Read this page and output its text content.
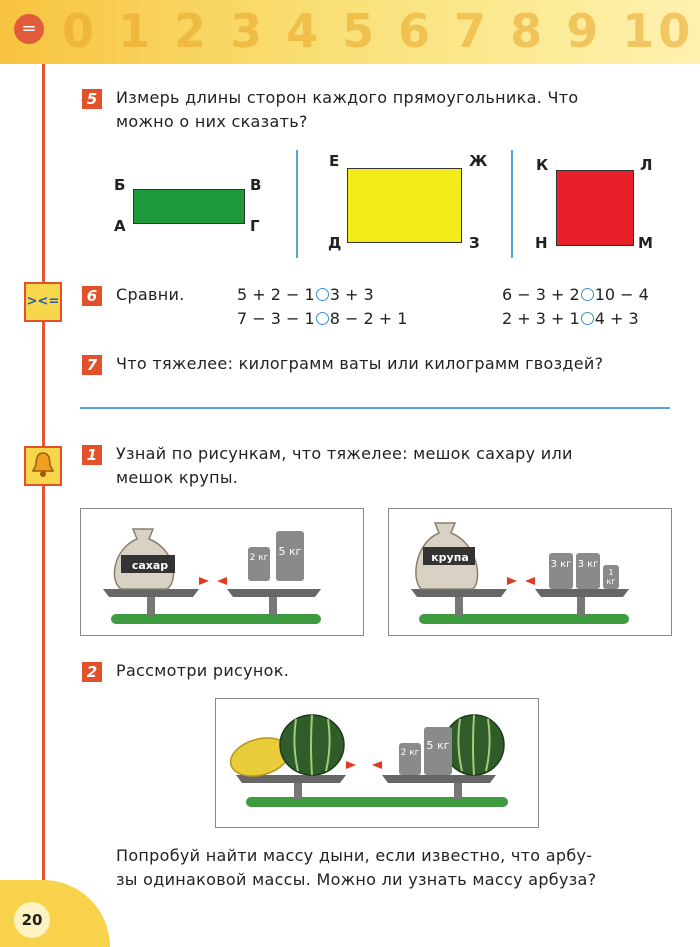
= 0 1 2 3 4 5 6 7 8 9 10
5 Измерь длины сторон каждого прямоугольника. Что
можно о них сказать?
Б	В
А	Г
Е	Ж
Д	З
К	Л
Н	М
><=	6 Сравни.	5 + 2 − 1 3 + 3
7 − 3 − 1 8 − 2 + 1
6 − 3 + 2 10 − 4
2 + 3 + 1 4 + 3
7 Что тяжелее: килограмм ваты или килограмм гвоздей?
1 Узнай по рисункам, что тяжелее: мешок сахару или
мешок крупы.
сахар
2 кг 5 кг	крупа
3 кг 3 кг
1 кг
2 Рассмотри рисунок.
2 кг
5 кг
Попробуй найти массу дыни, если известно, что арбу-
зы одинаковой массы. Можно ли узнать массу арбуза?
20
